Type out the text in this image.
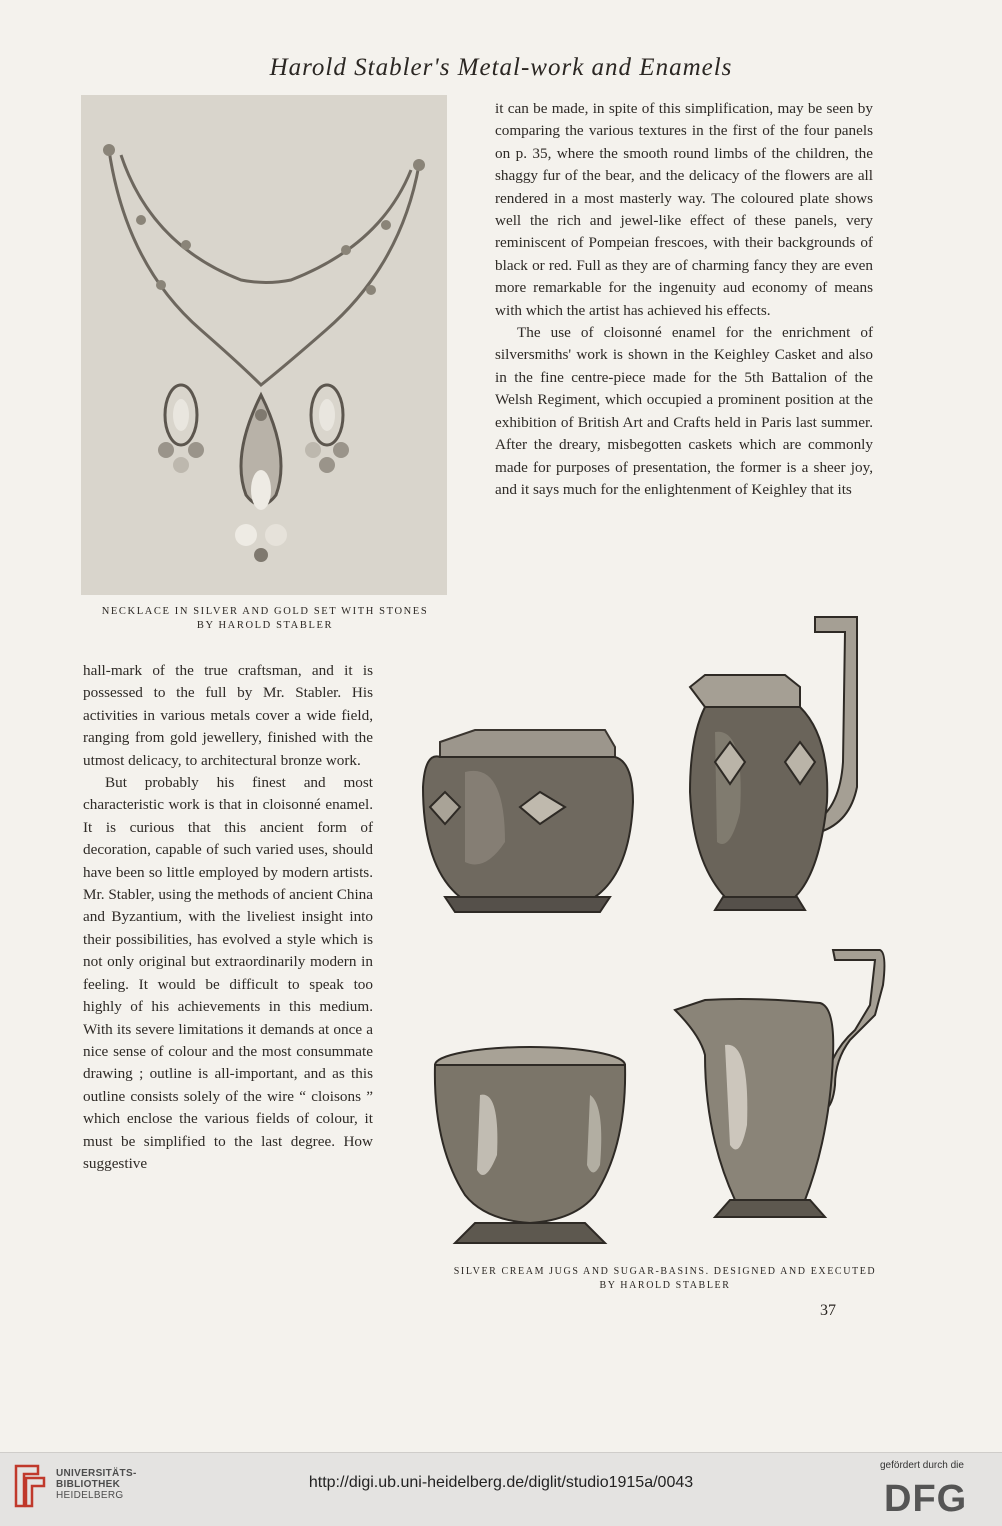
Harold Stabler's Metal-work and Enamels
NECKLACE IN SILVER AND GOLD SET WITH STONES
BY HAROLD STABLER

it can be made, in spite of this simplification, may be seen by comparing the various textures in the first of the four panels on p. 35, where the smooth round limbs of the children, the shaggy fur of the bear, and the delicacy of the flowers are all rendered in a most masterly way. The coloured plate shows well the rich and jewel-like effect of these panels, very reminiscent of Pompeian frescoes, with their backgrounds of black or red. Full as they are of charming fancy they are even more remarkable for the ingenuity aud economy of means with which the artist has achieved his effects.

The use of cloisonné enamel for the enrichment of silversmiths' work is shown in the Keighley Casket and also in the fine centre-piece made for the 5th Battalion of the Welsh Regiment, which occupied a prominent position at the exhibition of British Art and Crafts held in Paris last summer. After the dreary, misbegotten caskets which are commonly made for purposes of presentation, the former is a sheer joy, and it says much for the enlightenment of Keighley that its

hall-mark of the true craftsman, and it is possessed to the full by Mr. Stabler. His activities in various metals cover a wide field, ranging from gold jewellery, finished with the utmost delicacy, to architectural bronze work.

But probably his finest and most characteristic work is that in cloisonné enamel. It is curious that this ancient form of decoration, capable of such varied uses, should have been so little employed by modern artists. Mr. Stabler, using the methods of ancient China and Byzantium, with the liveliest insight into their possibilities, has evolved a style which is not only original but extraordinarily modern in feeling. It would be difficult to speak too highly of his achievements in this medium. With its severe limitations it demands at once a nice sense of colour and the most consummate drawing ; outline is all-important, and as this outline consists solely of the wire “ cloisons ” which enclose the various fields of colour, it must be simplified to the last degree. How suggestive

SILVER CREAM JUGS AND SUGAR-BASINS. DESIGNED AND EXECUTED
BY HAROLD STABLER
37
UNIVERSITÄTS-
BIBLIOTHEK
HEIDELBERG
http://digi.ub.uni-heidelberg.de/diglit/studio1915a/0043
gefördert durch die
DFG
